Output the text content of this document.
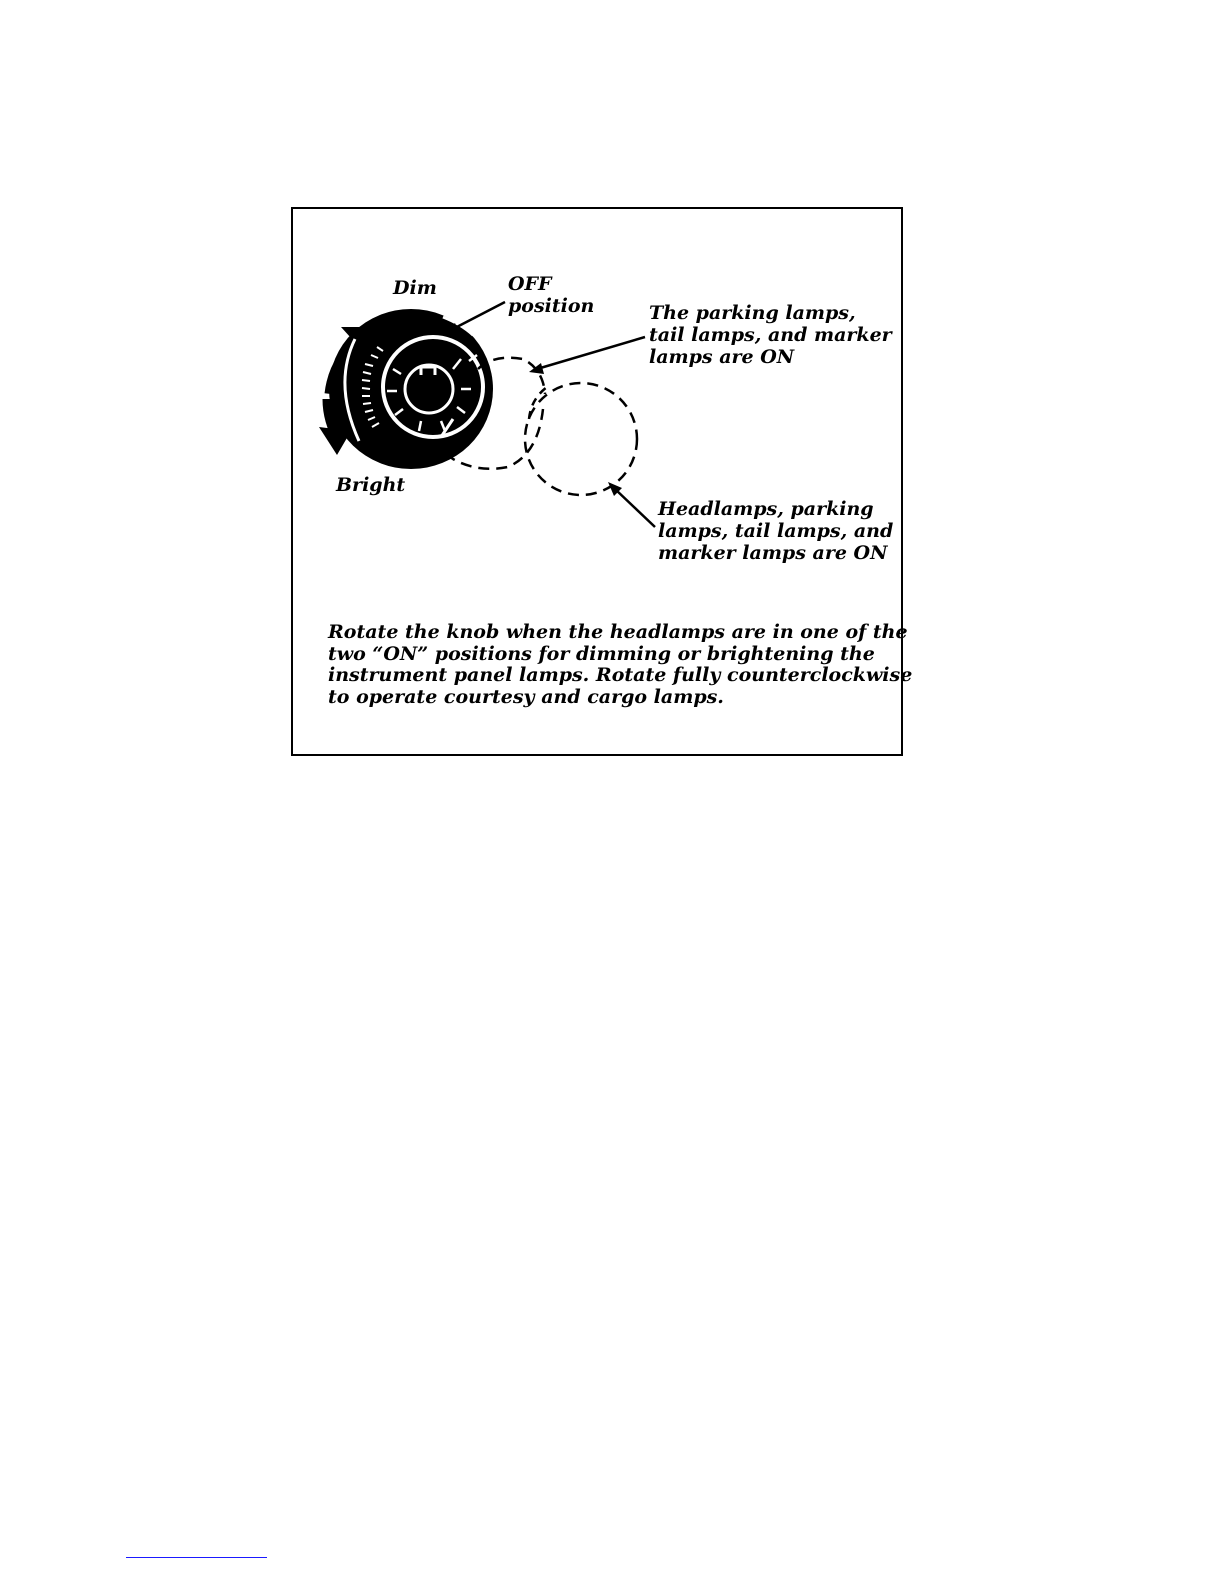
Dim	OFF
position
Bright
The parking lamps,
tail lamps, and marker
lamps are ON
Headlamps, parking
lamps, tail lamps, and
marker lamps are ON
Rotate the knob when the headlamps are in one of the
two “ON” positions for dimming or brightening the
instrument panel lamps. Rotate fully counterclockwise
to operate courtesy and cargo lamps.
